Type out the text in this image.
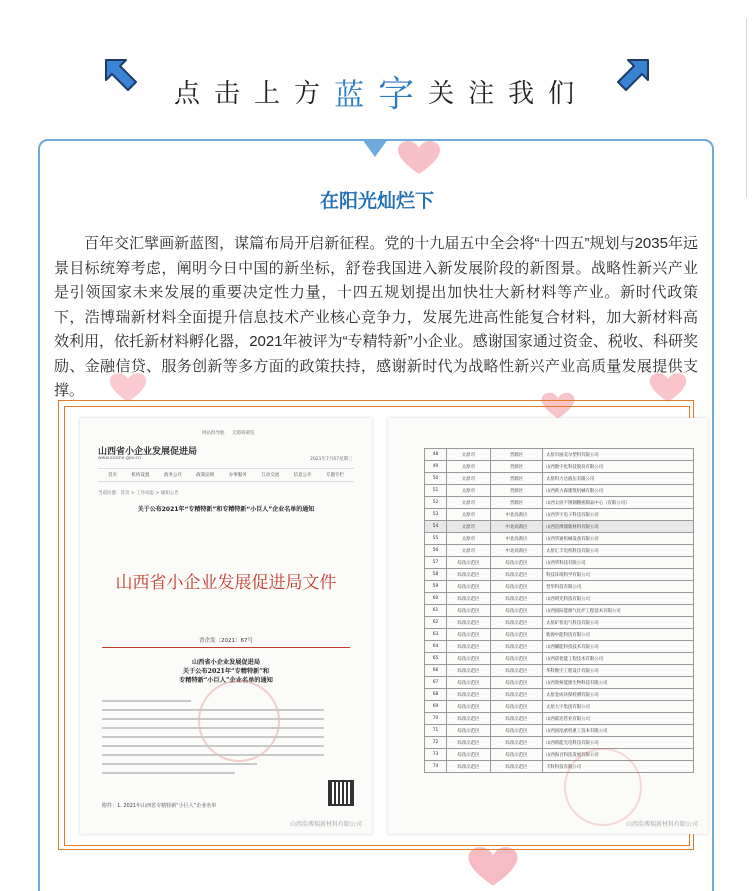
点 击 上 方 蓝 字 关 注 我 们
在阳光灿烂下

百年交汇擘画新蓝图，谋篇布局开启新征程。党的十九届五中全会将“十四五”规划与2035年远景目标统筹考虑，阐明今日中国的新坐标，舒卷我国进入新发展阶段的新图景。战略性新兴产业是引领国家未来发展的重要决定性力量，十四五规划提出加快壮大新材料等产业。新时代政策下，浩博瑞新材料全面提升信息技术产业核心竞争力，发展先进高性能复合材料，加大新材料高效利用，依托新材料孵化器，2021年被评为“专精特新”小企业。感谢国家通过资金、税收、科研奖励、金融信贷、服务创新等多方面的政策扶持，感谢新时代为战略性新兴产业高质量发展提供支撑。

网站群导航 无障碍浏览
山西省小企业发展促进局
www.sxsme.gov.cn	2021年7月07星期三
首页	机构设置	政务公开	政策法规	办事服务	互动交流	信息公开	专题专栏
当前位置：首页 > 工作动态 > 通知公告
关于公布2021年“专精特新”和专精特新“小巨人”企业名单的通知
山西省小企业发展促进局文件
晋企发〔2021〕67号
山西省小企业发展促进局
关于公布2021年“专精特新”和
专精特新“小巨人”企业名单的通知
附件：1. 2021年山西省专精特新“小巨人”企业名单
山西浩博瑞新材料有限公司
48	太原市	晋源区	太原市丽美尔塑料有限公司
49	太原市	晋源区	山西数字化科技股份有限公司
50	太原市	晋源区	太原科力达液压有限公司
51	太原市	晋源区	山西新力森建筑机械有限公司
52	太原市	晋源区	山西太原不锈钢精密制品中心（有限公司）
53	太原市	中北高新区	山西华宇电子科技有限公司
54	太原市	中北高新区	山西浩博瑞新材料有限公司
55	太原市	中北高新区	山西华通机械设备有限公司
56	太原市	中北高新区	太原汇丰电机科技有限公司
57	综改示范区	综改示范区	山西华科技有限公司
58	综改示范区	综改示范区	科技环境科学有限公司
59	综改示范区	综改示范区	晋华科技有限公司
60	综改示范区	综改示范区	山西明光科技有限公司
61	综改示范区	综改示范区	山西国际能源气化炉工程技术有限公司
62	综改示范区	综改示范区	太原矿机电气科技有限公司
63	综改示范区	综改示范区	新源中能科技有限公司
64	综改示范区	综改示范区	山西耀能科技技术有限公司
65	综改示范区	综改示范区	山西诺优能工程技术有限公司
66	综改示范区	综改示范区	华科数字工程设计有限公司
67	综改示范区	综改示范区	山西奥柯能源生物科技有限公司
68	综改示范区	综改示范区	太原金成环保检测有限公司
69	综改示范区	综改示范区	太原大宇集团有限公司
70	综改示范区	综改示范区	山西联达管业有限公司
71	综改示范区	综改示范区	山西国泓重机重工技术有限公司
72	综改示范区	综改示范区	山西新能光电科技有限公司
73	综改示范区	综改示范区	山西海百科技发展有限公司
74	综改示范区	综改示范区	丰科科技有限公司
山西浩博瑞新材料有限公司
